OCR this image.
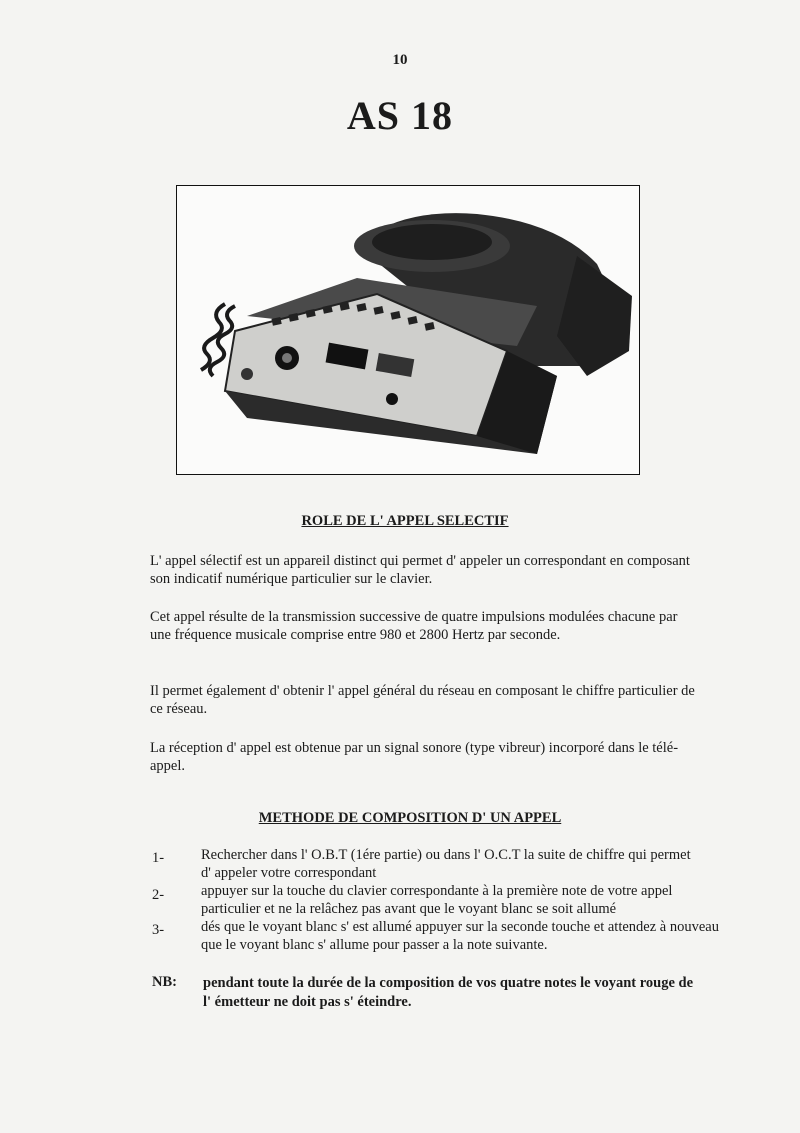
10
AS 18
ROLE DE L' APPEL SELECTIF
L' appel sélectif est un appareil distinct qui permet d' appeler un correspondant en composant son indicatif numérique particulier sur le clavier.
Cet appel résulte de la transmission successive de quatre impulsions modulées chacune par une fréquence musicale comprise entre 980 et 2800 Hertz par seconde.
Il permet également d' obtenir l' appel général du réseau en composant le chiffre particulier de ce réseau.
La réception d' appel est obtenue par un signal sonore (type vibreur) incorporé dans le télé-appel.
METHODE DE COMPOSITION D' UN APPEL
1-	Rechercher dans l' O.B.T (1ére partie) ou dans l' O.C.T la suite de chiffre qui permet d' appeler votre correspondant
2-	appuyer sur la touche du clavier correspondante à la première note de votre appel particulier et ne la relâchez pas avant que le voyant blanc se soit allumé
3-	dés que le voyant blanc s' est allumé appuyer sur la seconde touche et attendez à nouveau que le voyant blanc s' allume pour passer a la note suivante.
NB: pendant toute la durée de la composition de vos quatre notes le voyant rouge de l' émetteur ne doit pas s' éteindre.
